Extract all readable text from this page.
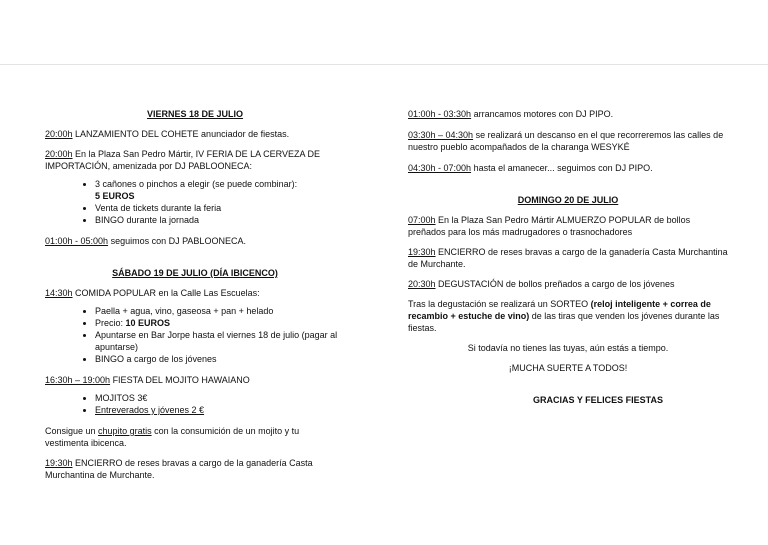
VIERNES 18 DE JULIO

20:00h LANZAMIENTO DEL COHETE anunciador de fiestas.

20:00h En la Plaza San Pedro Mártir, IV FERIA DE LA CERVEZA DE IMPORTACIÓN, amenizada por DJ PABLOONECA:

• 3 cañones o pinchos a elegir (se puede combinar):
5 EUROS
• Venta de tickets durante la feria
• BINGO durante la jornada

01:00h - 05:00h seguimos con DJ PABLOONECA.

SÁBADO 19 DE JULIO (DÍA IBICENCO)

14:30h COMIDA POPULAR en la Calle Las Escuelas:

• Paella + agua, vino, gaseosa + pan + helado
• Precio: 10 EUROS
• Apuntarse en Bar Jorpe hasta el viernes 18 de julio (pagar al apuntarse)
• BINGO a cargo de los jóvenes

16:30h – 19:00h FIESTA DEL MOJITO HAWAIANO

• MOJITOS 3€
• Entreverados y jóvenes 2 €

Consigue un chupito gratis con la consumición de un mojito y tu vestimenta ibicenca.

19:30h ENCIERRO de reses bravas a cargo de la ganadería Casta Murchantina de Murchante.

01:00h - 03:30h arrancamos motores con DJ PIPO.

03:30h – 04:30h se realizará un descanso en el que recorreremos las calles de nuestro pueblo acompañados de la charanga WESYKÉ

04:30h - 07:00h hasta el amanecer... seguimos con DJ PIPO.

DOMINGO 20 DE JULIO

07:00h En la Plaza San Pedro Mártir ALMUERZO POPULAR de bollos preñados para los más madrugadores o trasnochadores

19:30h ENCIERRO de reses bravas a cargo de la ganadería Casta Murchantina de Murchante.

20:30h DEGUSTACIÓN de bollos preñados a cargo de los jóvenes

Tras la degustación se realizará un SORTEO (reloj inteligente + correa de recambio + estuche de vino) de las tiras que venden los jóvenes durante las fiestas.

Si todavía no tienes las tuyas, aún estás a tiempo.

¡MUCHA SUERTE A TODOS!

GRACIAS Y FELICES FIESTAS
